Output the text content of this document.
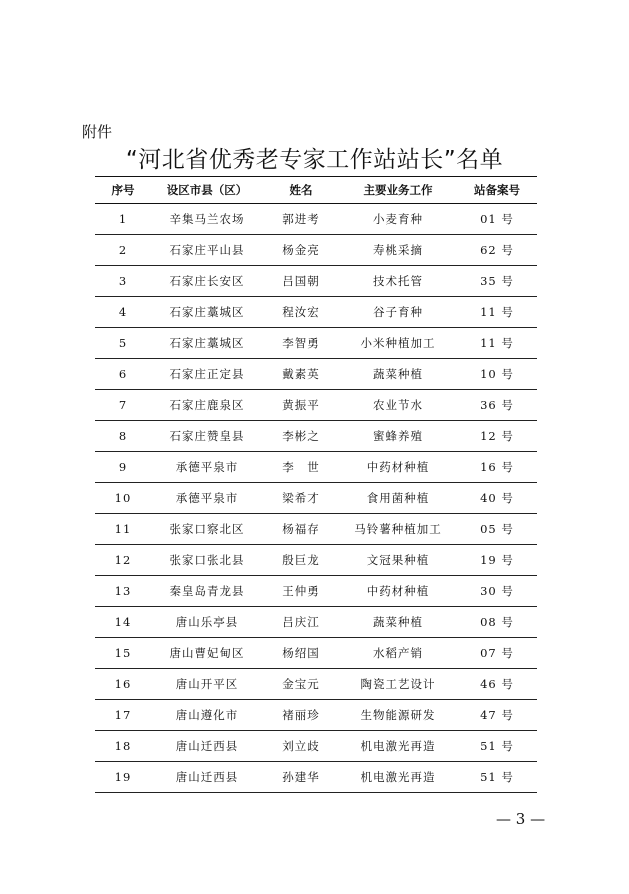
附件
“河北省优秀老专家工作站站长”名单
序号	设区市县（区）	姓名	主要业务工作	站备案号
1	辛集马兰农场	郭进考	小麦育种	01 号
2	石家庄平山县	杨金亮	寿桃采摘	62 号
3	石家庄长安区	吕国朝	技术托管	35 号
4	石家庄藁城区	程汝宏	谷子育种	11 号
5	石家庄藁城区	李智勇	小米种植加工	11 号
6	石家庄正定县	戴素英	蔬菜种植	10 号
7	石家庄鹿泉区	黄振平	农业节水	36 号
8	石家庄赞皇县	李彬之	蜜蜂养殖	12 号
9	承德平泉市	李　世	中药材种植	16 号
10	承德平泉市	梁希才	食用菌种植	40 号
11	张家口察北区	杨福存	马铃薯种植加工	05 号
12	张家口张北县	殷巨龙	文冠果种植	19 号
13	秦皇岛青龙县	王仲勇	中药材种植	30 号
14	唐山乐亭县	吕庆江	蔬菜种植	08 号
15	唐山曹妃甸区	杨绍国	水稻产销	07 号
16	唐山开平区	金宝元	陶瓷工艺设计	46 号
17	唐山遵化市	褚丽珍	生物能源研发	47 号
18	唐山迁西县	刘立歧	机电激光再造	51 号
19	唐山迁西县	孙建华	机电激光再造	51 号
— 3 —
